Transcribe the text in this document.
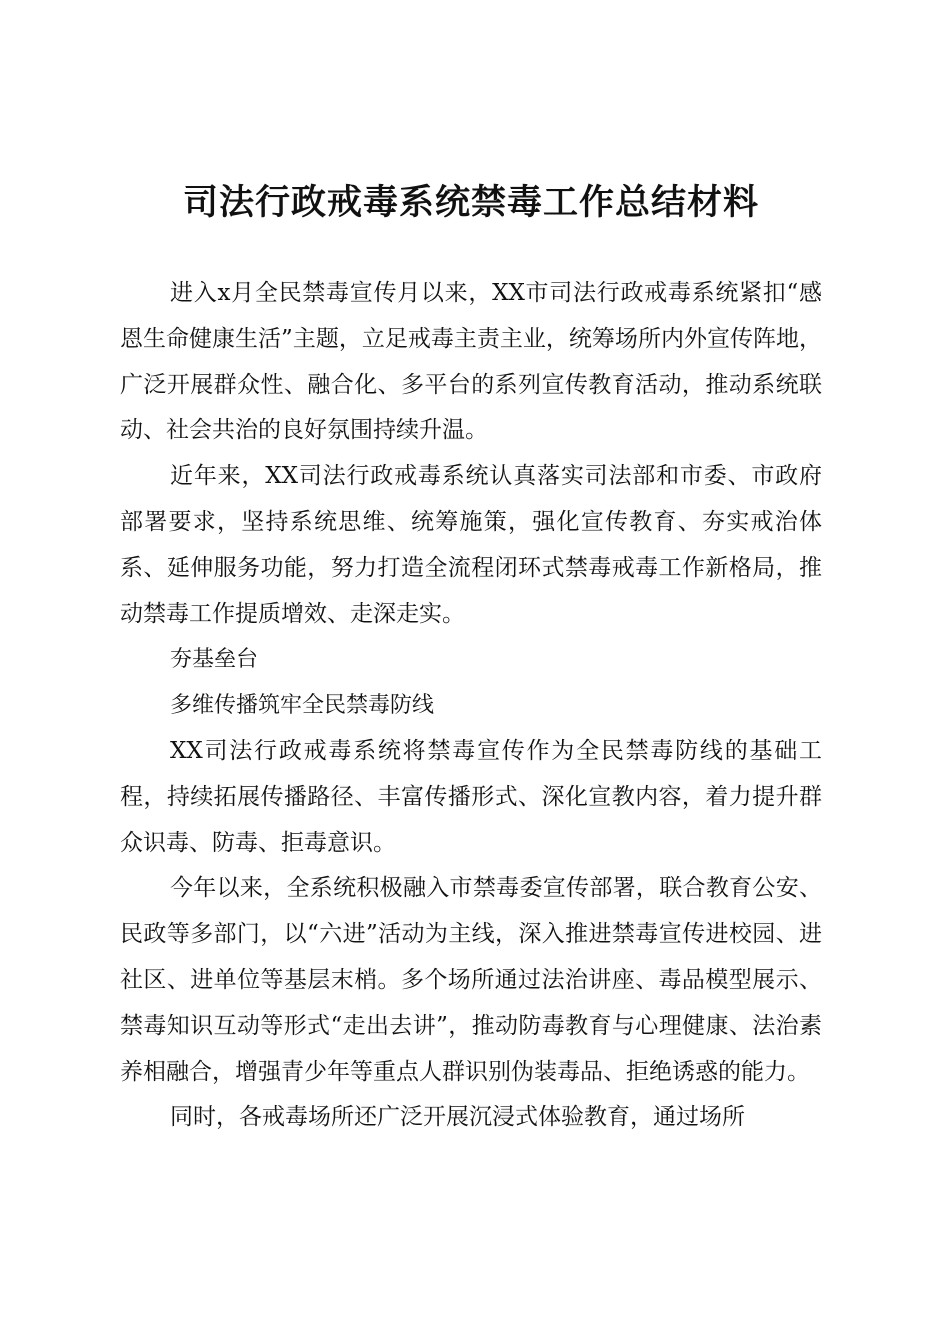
司法行政戒毒系统禁毒工作总结材料

进入x月全民禁毒宣传月以来，XX市司法行政戒毒系统紧扣“感恩生命健康生活”主题，立足戒毒主责主业，统筹场所内外宣传阵地，广泛开展群众性、融合化、多平台的系列宣传教育活动，推动系统联动、社会共治的良好氛围持续升温。

近年来，XX司法行政戒毒系统认真落实司法部和市委、市政府部署要求，坚持系统思维、统筹施策，强化宣传教育、夯实戒治体系、延伸服务功能，努力打造全流程闭环式禁毒戒毒工作新格局，推动禁毒工作提质增效、走深走实。

夯基垒台

多维传播筑牢全民禁毒防线

XX司法行政戒毒系统将禁毒宣传作为全民禁毒防线的基础工程，持续拓展传播路径、丰富传播形式、深化宣教内容，着力提升群众识毒、防毒、拒毒意识。

今年以来，全系统积极融入市禁毒委宣传部署，联合教育公安、民政等多部门，以“六进”活动为主线，深入推进禁毒宣传进校园、进社区、进单位等基层末梢。多个场所通过法治讲座、毒品模型展示、禁毒知识互动等形式“走出去讲”，推动防毒教育与心理健康、法治素养相融合，增强青少年等重点人群识别伪装毒品、拒绝诱惑的能力。

同时，各戒毒场所还广泛开展沉浸式体验教育，通过场所
